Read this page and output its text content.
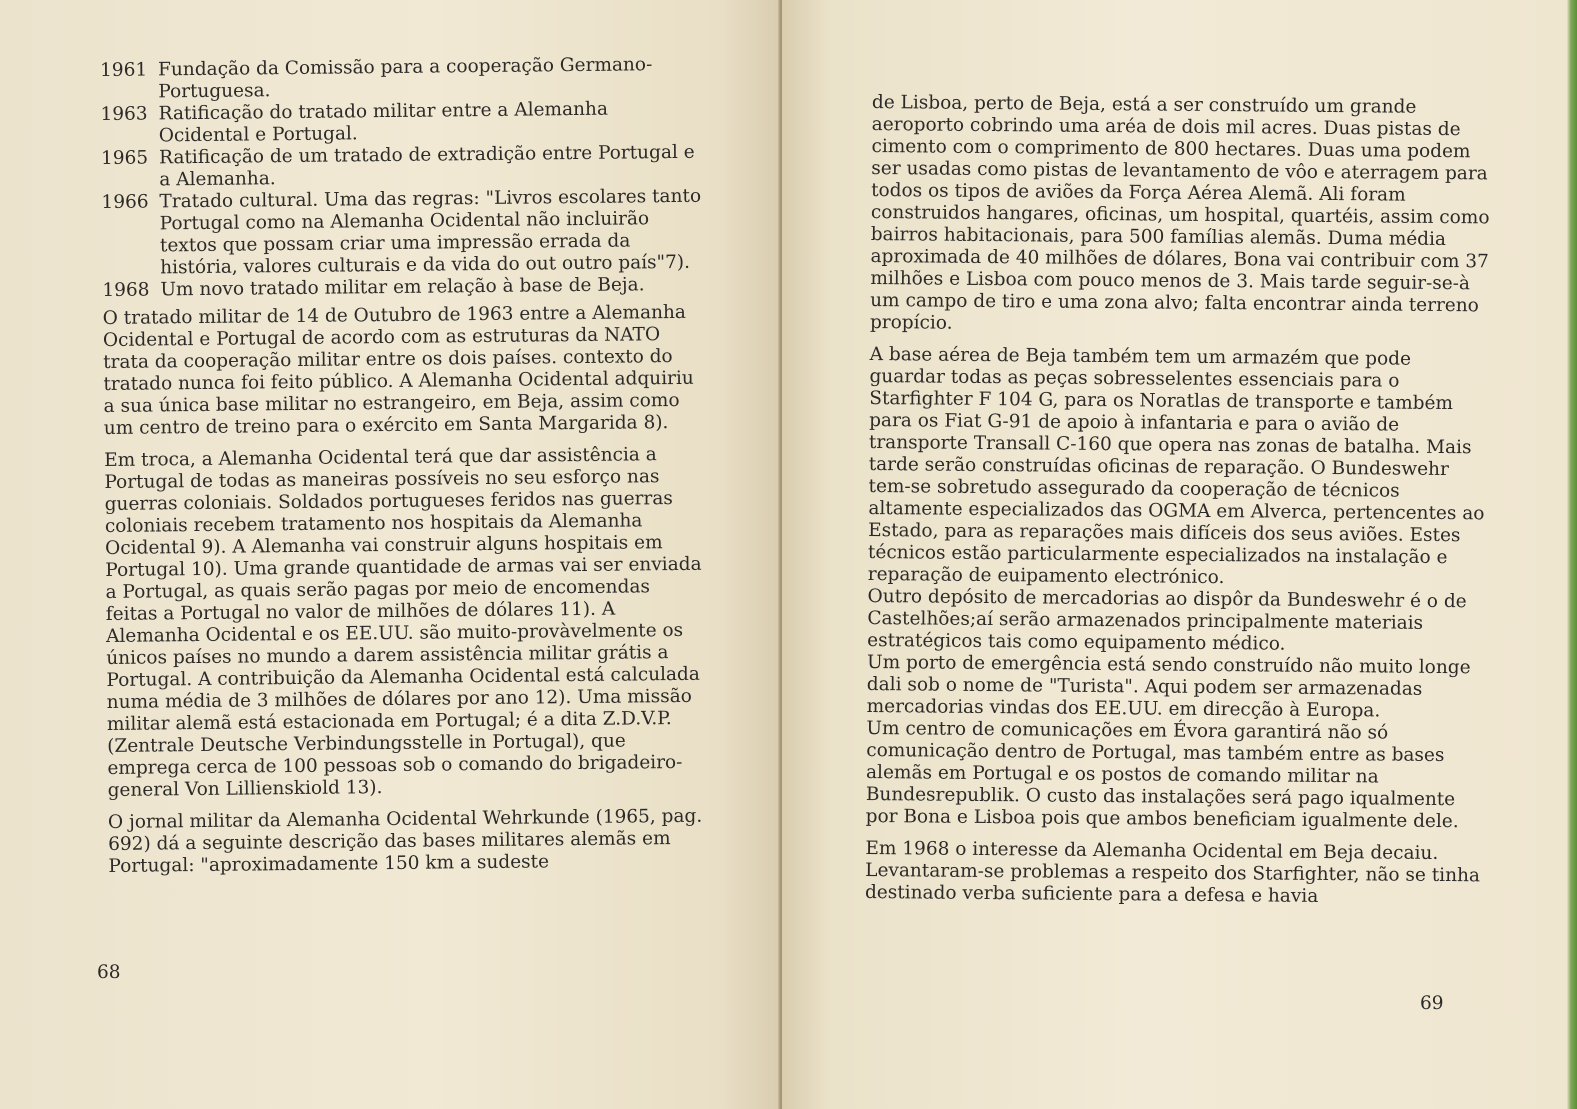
1961 Fundação da Comissão para a cooperação Germano-Portuguesa.
1963 Ratificação do tratado militar entre a Alemanha Ocidental e Portugal.
1965 Ratificação de um tratado de extradição entre Portugal e a Alemanha.
1966 Tratado cultural. Uma das regras: "Livros escolares tanto Portugal como na Alemanha Ocidental não incluirão textos que possam criar uma impressão errada da história, valores culturais e da vida do out outro país"7).
1968 Um novo tratado militar em relação à base de Beja.

O tratado militar de 14 de Outubro de 1963 entre a Alemanha Ocidental e Portugal de acordo com as estruturas da NATO trata da cooperação militar entre os dois países. contexto do tratado nunca foi feito público. A Alemanha Ocidental adquiriu a sua única base militar no estrangeiro, em Beja, assim como um centro de treino para o exército em Santa Margarida 8).

Em troca, a Alemanha Ocidental terá que dar assistência a Portugal de todas as maneiras possíveis no seu esforço nas guerras coloniais. Soldados portugueses feridos nas guerras coloniais recebem tratamento nos hospitais da Alemanha Ocidental 9). A Alemanha vai construir alguns hospitais em Portugal 10). Uma grande quantidade de armas vai ser enviada a Portugal, as quais serão pagas por meio de encomendas feitas a Portugal no valor de milhões de dólares 11). A Alemanha Ocidental e os EE.UU. são muito-provàvelmente os únicos países no mundo a darem assistência militar grátis a Portugal. A contribuição da Alemanha Ocidental está calculada numa média de 3 milhões de dólares por ano 12). Uma missão militar alemã está estacionada em Portugal; é a dita Z.D.V.P. (Zentrale Deutsche Verbindungsstelle in Portugal), que emprega cerca de 100 pessoas sob o comando do brigadeiro-general Von Lillienskiold 13).

O jornal militar da Alemanha Ocidental Wehrkunde (1965, pag. 692) dá a seguinte descrição das bases militares alemãs em Portugal: "aproximadamente 150 km a sudeste

68

de Lisboa, perto de Beja, está a ser construído um grande aeroporto cobrindo uma aréa de dois mil acres. Duas pistas de cimento com o comprimento de 800 hectares. Duas uma podem ser usadas como pistas de levantamento de vôo e aterragem para todos os tipos de aviões da Força Aérea Alemã. Ali foram construidos hangares, oficinas, um hospital, quartéis, assim como bairros habitacionais, para 500 famílias alemãs. Duma média aproximada de 40 milhões de dólares, Bona vai contribuir com 37 milhões e Lisboa com pouco menos de 3. Mais tarde seguir-se-à um campo de tiro e uma zona alvo; falta encontrar ainda terreno propício.

A base aérea de Beja também tem um armazém que pode guardar todas as peças sobresselentes essenciais para o Starfighter F 104 G, para os Noratlas de transporte e também para os Fiat G-91 de apoio à infantaria e para o avião de transporte Transall C-160 que opera nas zonas de batalha. Mais tarde serão construídas oficinas de reparação. O Bundeswehr tem-se sobretudo assegurado da cooperação de técnicos altamente especializados das OGMA em Alverca, pertencentes ao Estado, para as reparações mais difíceis dos seus aviões. Estes técnicos estão particularmente especializados na instalação e reparação de euipamento electrónico.

Outro depósito de mercadorias ao dispôr da Bundeswehr é o de Castelhões;aí serão armazenados principalmente materiais estratégicos tais como equipamento médico.

Um porto de emergência está sendo construído não muito longe dali sob o nome de "Turista". Aqui podem ser armazenadas mercadorias vindas dos EE.UU. em direcção à Europa.

Um centro de comunicações em Évora garantirá não só comunicação dentro de Portugal, mas também entre as bases alemãs em Portugal e os postos de comando militar na Bundesrepublik. O custo das instalações será pago iqualmente por Bona e Lisboa pois que ambos beneficiam igualmente dele.

Em 1968 o interesse da Alemanha Ocidental em Beja decaiu. Levantaram-se problemas a respeito dos Starfighter, não se tinha destinado verba suficiente para a defesa e havia

69
